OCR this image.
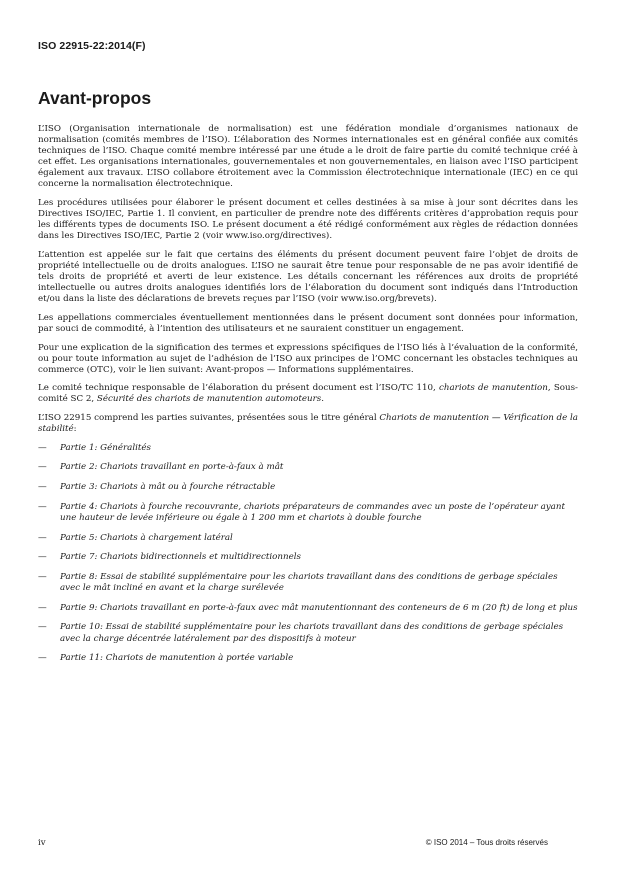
ISO 22915-22:2014(F)
Avant-propos

L’ISO (Organisation internationale de normalisation) est une fédération mondiale d’organismes nationaux de normalisation (comités membres de l’ISO). L’élaboration des Normes internationales est en général confiée aux comités techniques de l’ISO. Chaque comité membre intéressé par une étude a le droit de faire partie du comité technique créé à cet effet. Les organisations internationales, gouvernementales et non gouvernementales, en liaison avec l’ISO participent également aux travaux. L’ISO collabore étroitement avec la Commission électrotechnique internationale (IEC) en ce qui concerne la normalisation électrotechnique.

Les procédures utilisées pour élaborer le présent document et celles destinées à sa mise à jour sont décrites dans les Directives ISO/IEC, Partie 1. Il convient, en particulier de prendre note des différents critères d’approbation requis pour les différents types de documents ISO. Le présent document a été rédigé conformément aux règles de rédaction données dans les Directives ISO/IEC, Partie 2 (voir www.iso.org/directives).

L’attention est appelée sur le fait que certains des éléments du présent document peuvent faire l’objet de droits de propriété intellectuelle ou de droits analogues. L’ISO ne saurait être tenue pour responsable de ne pas avoir identifié de tels droits de propriété et averti de leur existence. Les détails concernant les références aux droits de propriété intellectuelle ou autres droits analogues identifiés lors de l’élaboration du document sont indiqués dans l’Introduction et/ou dans la liste des déclarations de brevets reçues par l’ISO (voir www.iso.org/brevets).

Les appellations commerciales éventuellement mentionnées dans le présent document sont données pour information, par souci de commodité, à l’intention des utilisateurs et ne sauraient constituer un engagement.

Pour une explication de la signification des termes et expressions spécifiques de l’ISO liés à l’évaluation de la conformité, ou pour toute information au sujet de l’adhésion de l’ISO aux principes de l’OMC concernant les obstacles techniques au commerce (OTC), voir le lien suivant: Avant-propos — Informations supplémentaires.

Le comité technique responsable de l’élaboration du présent document est l’ISO/TC 110, chariots de manutention, Sous-comité SC 2, Sécurité des chariots de manutention automoteurs.

L’ISO 22915 comprend les parties suivantes, présentées sous le titre général Chariots de manutention — Vérification de la stabilité:

— Partie 1: Généralités
— Partie 2: Chariots travaillant en porte-à-faux à mât
— Partie 3: Chariots à mât ou à fourche rétractable
— Partie 4: Chariots à fourche recouvrante, chariots préparateurs de commandes avec un poste de l’opérateur ayant une hauteur de levée inférieure ou égale à 1 200 mm et chariots à double fourche
— Partie 5: Chariots à chargement latéral
— Partie 7: Chariots bidirectionnels et multidirectionnels
— Partie 8: Essai de stabilité supplémentaire pour les chariots travaillant dans des conditions de gerbage spéciales avec le mât incliné en avant et la charge surélevée
— Partie 9: Chariots travaillant en porte-à-faux avec mât manutentionnant des conteneurs de 6 m (20 ft) de long et plus
— Partie 10: Essai de stabilité supplémentaire pour les chariots travaillant dans des conditions de gerbage spéciales avec la charge décentrée latéralement par des dispositifs à moteur
— Partie 11: Chariots de manutention à portée variable
iv	© ISO 2014 – Tous droits réservés
